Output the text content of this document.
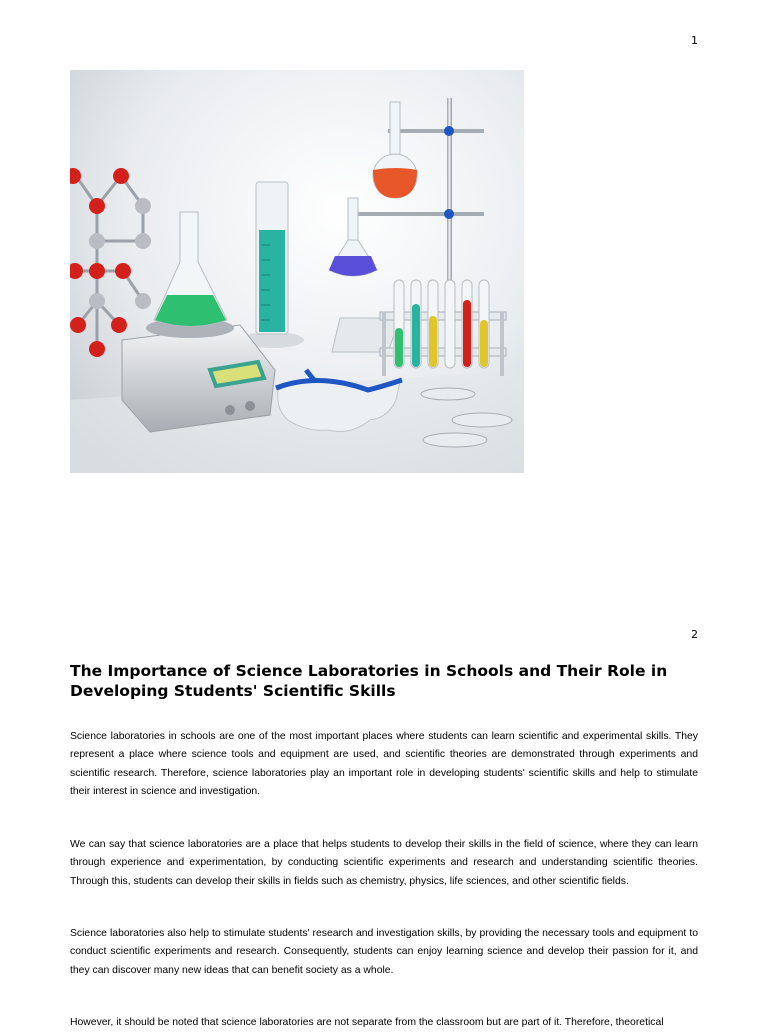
1
2
The Importance of Science Laboratories in Schools and Their Role in Developing Students' Scientific Skills

Science laboratories in schools are one of the most important places where students can learn scientific and experimental skills. They represent a place where science tools and equipment are used, and scientific theories are demonstrated through experiments and scientific research. Therefore, science laboratories play an important role in developing students' scientific skills and help to stimulate their interest in science and investigation.

We can say that science laboratories are a place that helps students to develop their skills in the field of science, where they can learn through experience and experimentation, by conducting scientific experiments and research and understanding scientific theories. Through this, students can develop their skills in fields such as chemistry, physics, life sciences, and other scientific fields.

Science laboratories also help to stimulate students' research and investigation skills, by providing the necessary tools and equipment to conduct scientific experiments and research. Consequently, students can enjoy learning science and develop their passion for it, and they can discover many new ideas that can benefit society as a whole.

However, it should be noted that science laboratories are not separate from the classroom but are part of it. Therefore, theoretical
